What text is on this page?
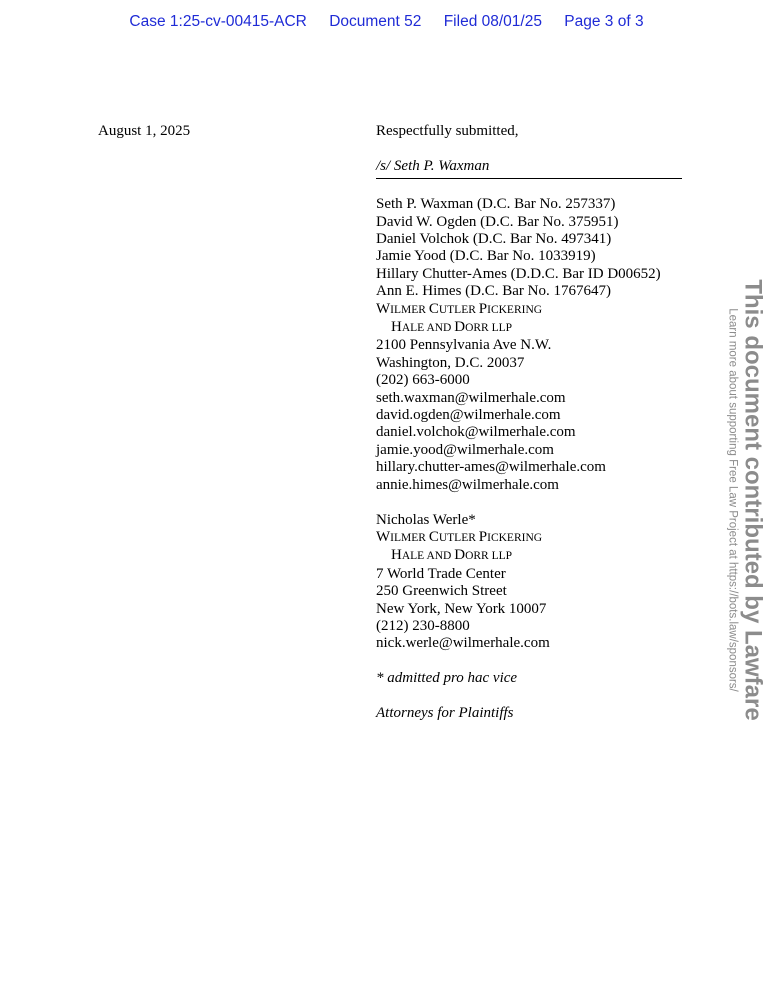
Case 1:25-cv-00415-ACR Document 52 Filed 08/01/25 Page 3 of 3
August 1, 2025	Respectfully submitted,
/s/ Seth P. Waxman
Seth P. Waxman (D.C. Bar No. 257337)
David W. Ogden (D.C. Bar No. 375951)
Daniel Volchok (D.C. Bar No. 497341)
Jamie Yood (D.C. Bar No. 1033919)
Hillary Chutter-Ames (D.D.C. Bar ID D00652)
Ann E. Himes (D.C. Bar No. 1767647)
WILMER CUTLER PICKERING
HALE AND DORR LLP
2100 Pennsylvania Ave N.W.
Washington, D.C. 20037
(202) 663-6000
seth.waxman@wilmerhale.com
david.ogden@wilmerhale.com
daniel.volchok@wilmerhale.com
jamie.yood@wilmerhale.com
hillary.chutter-ames@wilmerhale.com
annie.himes@wilmerhale.com
Nicholas Werle*
WILMER CUTLER PICKERING
HALE AND DORR LLP
7 World Trade Center
250 Greenwich Street
New York, New York 10007
(212) 230-8800
nick.werle@wilmerhale.com
* admitted pro hac vice
Attorneys for Plaintiffs	This document contributed by Lawfare
Learn more about supporting Free Law Project at https://bots.law/sponsors/
